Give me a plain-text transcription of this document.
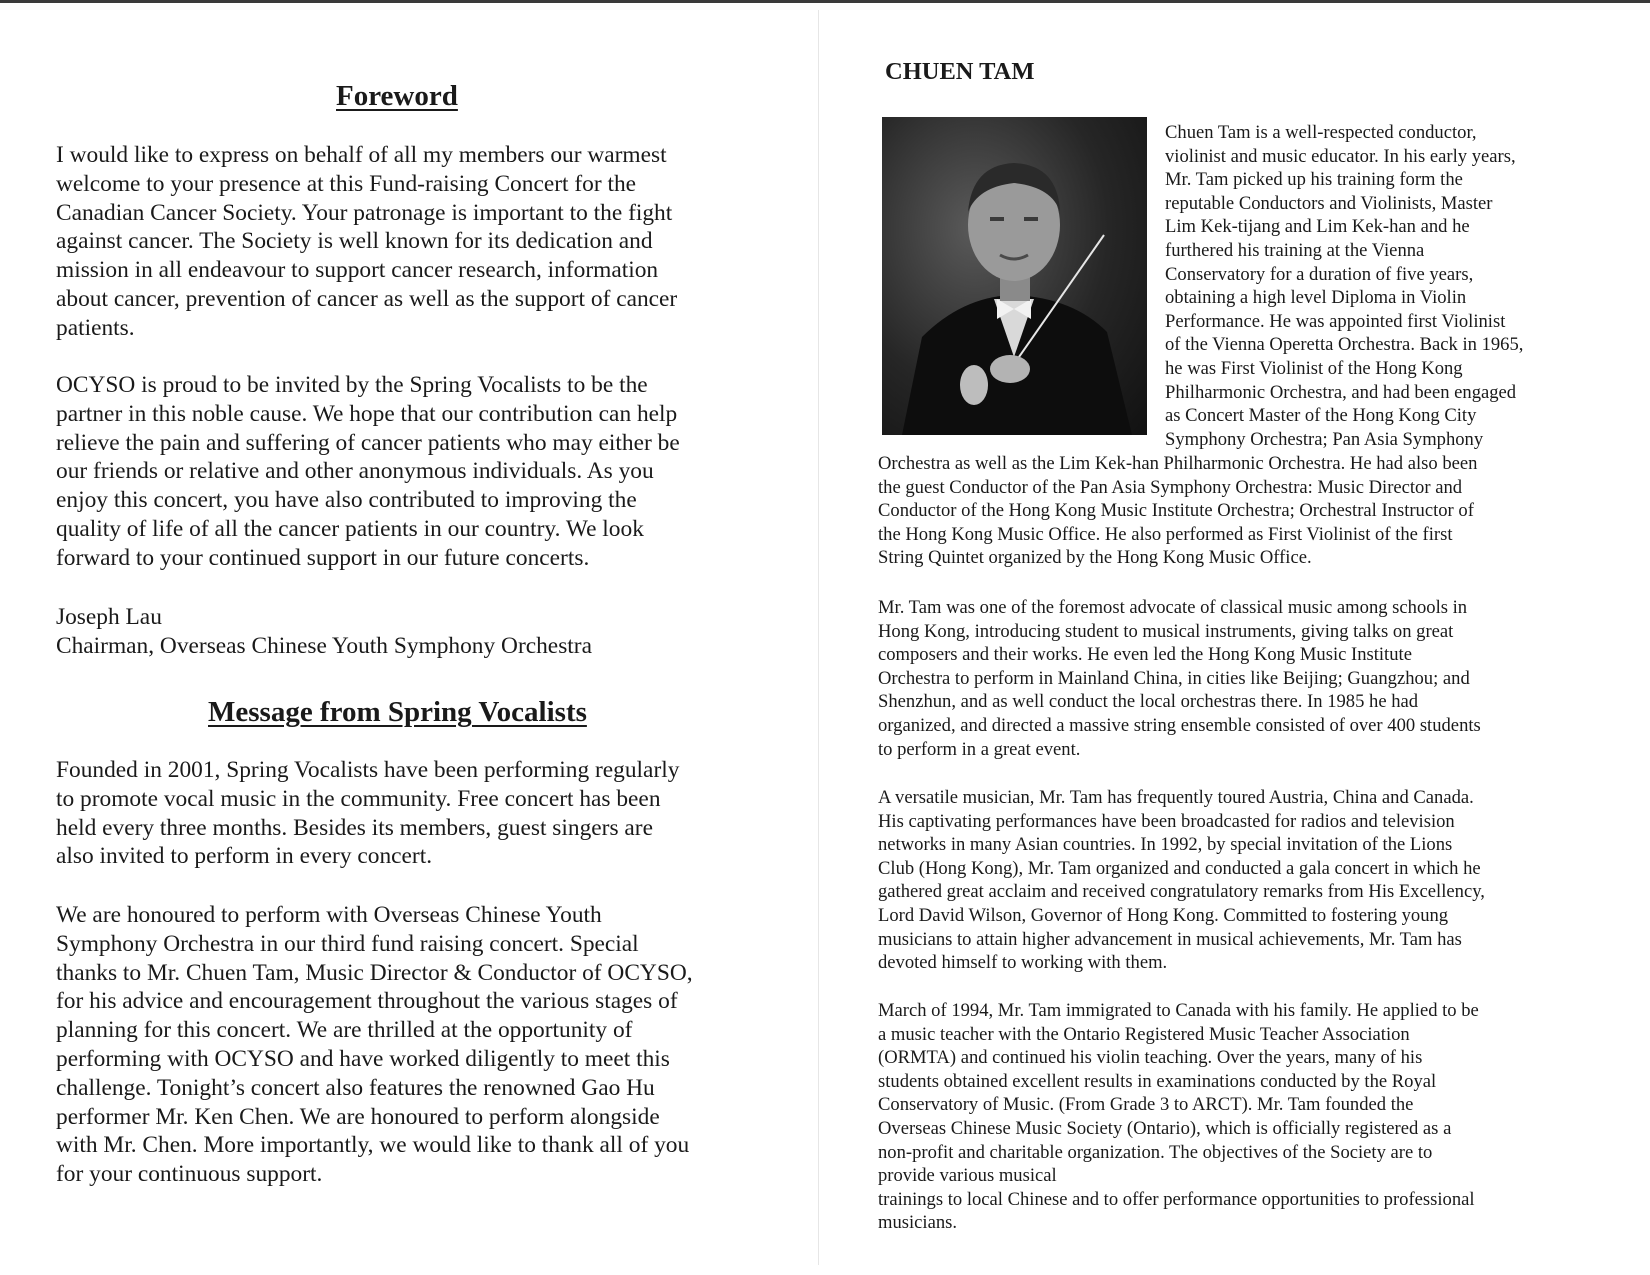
Foreword

I would like to express on behalf of all my members our warmest
welcome to your presence at this Fund-raising Concert for the
Canadian Cancer Society. Your patronage is important to the fight
against cancer. The Society is well known for its dedication and
mission in all endeavour to support cancer research, information
about cancer, prevention of cancer as well as the support of cancer
patients.

OCYSO is proud to be invited by the Spring Vocalists to be the
partner in this noble cause. We hope that our contribution can help
relieve the pain and suffering of cancer patients who may either be
our friends or relative and other anonymous individuals. As you
enjoy this concert, you have also contributed to improving the
quality of life of all the cancer patients in our country. We look
forward to your continued support in our future concerts.

Joseph Lau

Chairman, Overseas Chinese Youth Symphony Orchestra

Message from Spring Vocalists

Founded in 2001, Spring Vocalists have been performing regularly
to promote vocal music in the community. Free concert has been
held every three months. Besides its members, guest singers are
also invited to perform in every concert.

We are honoured to perform with Overseas Chinese Youth
Symphony Orchestra in our third fund raising concert. Special
thanks to Mr. Chuen Tam, Music Director & Conductor of OCYSO,
for his advice and encouragement throughout the various stages of
planning for this concert. We are thrilled at the opportunity of
performing with OCYSO and have worked diligently to meet this
challenge. Tonight’s concert also features the renowned Gao Hu
performer Mr. Ken Chen. We are honoured to perform alongside
with Mr. Chen. More importantly, we would like to thank all of you
for your continuous support.

CHUEN TAM

Chuen Tam is a well-respected conductor,
violinist and music educator. In his early years,
Mr. Tam picked up his training form the
reputable Conductors and Violinists, Master
Lim Kek-tijang and Lim Kek-han and he
furthered his training at the Vienna
Conservatory for a duration of five years,
obtaining a high level Diploma in Violin
Performance. He was appointed first Violinist
of the Vienna Operetta Orchestra. Back in 1965,
he was First Violinist of the Hong Kong
Philharmonic Orchestra, and had been engaged
as Concert Master of the Hong Kong City
Symphony Orchestra; Pan Asia Symphony

Orchestra as well as the Lim Kek-han Philharmonic Orchestra. He had also been
the guest Conductor of the Pan Asia Symphony Orchestra: Music Director and
Conductor of the Hong Kong Music Institute Orchestra; Orchestral Instructor of
the Hong Kong Music Office. He also performed as First Violinist of the first
String Quintet organized by the Hong Kong Music Office.

Mr. Tam was one of the foremost advocate of classical music among schools in
Hong Kong, introducing student to musical instruments, giving talks on great
composers and their works. He even led the Hong Kong Music Institute
Orchestra to perform in Mainland China, in cities like Beijing; Guangzhou; and
Shenzhun, and as well conduct the local orchestras there. In 1985 he had
organized, and directed a massive string ensemble consisted of over 400 students
to perform in a great event.

A versatile musician, Mr. Tam has frequently toured Austria, China and Canada.
His captivating performances have been broadcasted for radios and television
networks in many Asian countries. In 1992, by special invitation of the Lions
Club (Hong Kong), Mr. Tam organized and conducted a gala concert in which he
gathered great acclaim and received congratulatory remarks from His Excellency,
Lord David Wilson, Governor of Hong Kong. Committed to fostering young
musicians to attain higher advancement in musical achievements, Mr. Tam has
devoted himself to working with them.

March of 1994, Mr. Tam immigrated to Canada with his family. He applied to be
a music teacher with the Ontario Registered Music Teacher Association
(ORMTA) and continued his violin teaching. Over the years, many of his
students obtained excellent results in examinations conducted by the Royal
Conservatory of Music. (From Grade 3 to ARCT). Mr. Tam founded the
Overseas Chinese Music Society (Ontario), which is officially registered as a
non-profit and charitable organization. The objectives of the Society are to
provide various musical
trainings to local Chinese and to offer performance opportunities to professional
musicians.
